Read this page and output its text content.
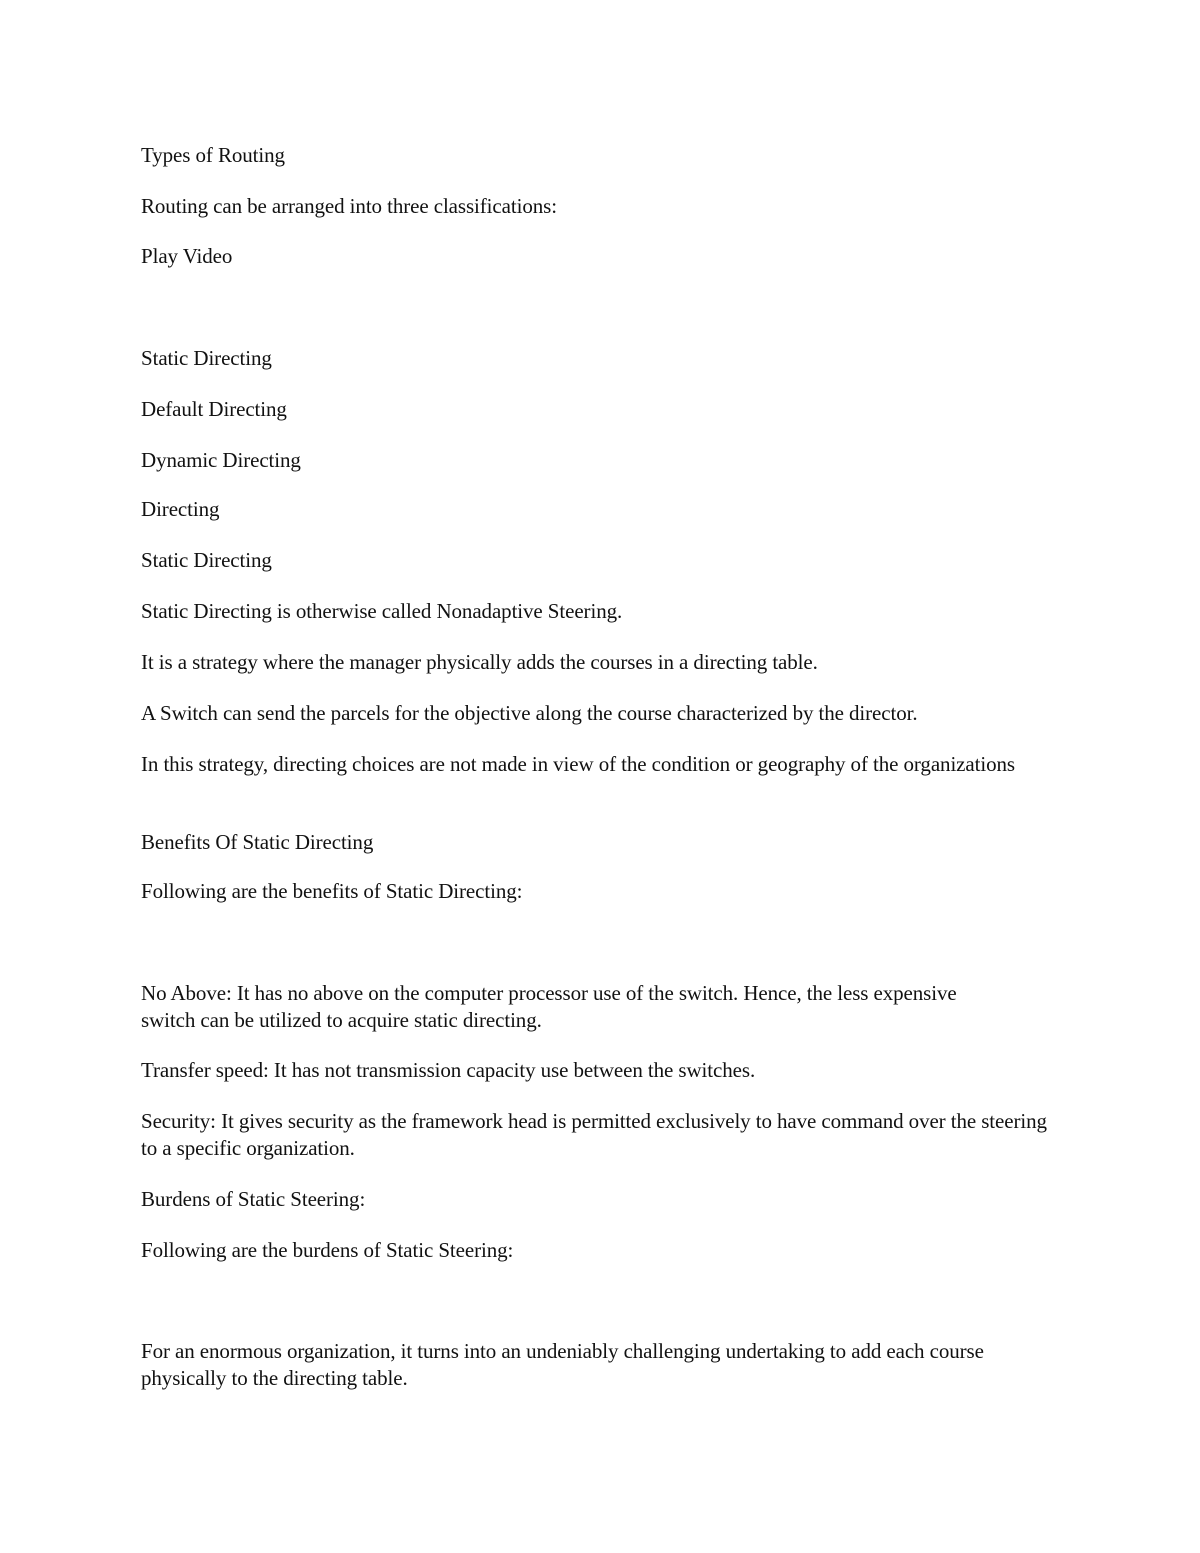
Types of Routing

Routing can be arranged into three classifications:

Play Video

Static Directing

Default Directing

Dynamic Directing

Directing

Static Directing

Static Directing is otherwise called Nonadaptive Steering.

It is a strategy where the manager physically adds the courses in a directing table.

A Switch can send the parcels for the objective along the course characterized by the director.

In this strategy, directing choices are not made in view of the condition or geography of the organizations

Benefits Of Static Directing

Following are the benefits of Static Directing:

No Above: It has no above on the computer processor use of the switch. Hence, the less expensive switch can be utilized to acquire static directing.

Transfer speed: It has not transmission capacity use between the switches.

Security: It gives security as the framework head is permitted exclusively to have command over the steering to a specific organization.

Burdens of Static Steering:

Following are the burdens of Static Steering:

For an enormous organization, it turns into an undeniably challenging undertaking to add each course physically to the directing table.
